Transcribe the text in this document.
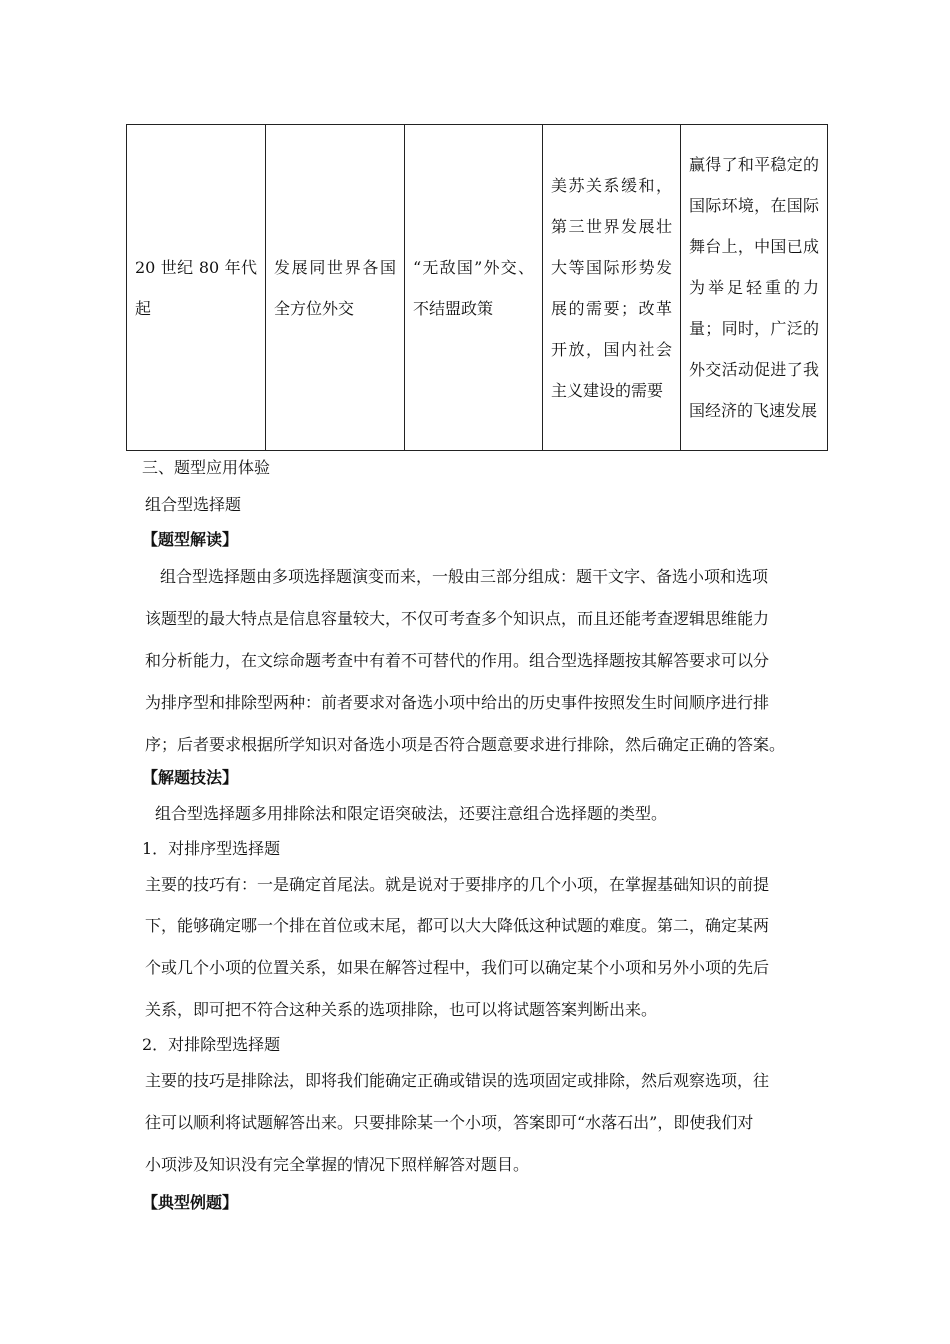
20 世纪 80 年代起	发展同世界各国全方位外交	“无敌国”外交、不结盟政策	美苏关系缓和，第三世界发展壮大等国际形势发展的需要；改革开放，国内社会主义建设的需要	赢得了和平稳定的国际环境，在国际舞台上，中国已成为举足轻重的力量；同时，广泛的外交活动促进了我国经济的飞速发展
三、题型应用体验
组合型选择题
【题型解读】
组合型选择题由多项选择题演变而来，一般由三部分组成：题干文字、备选小项和选项
该题型的最大特点是信息容量较大，不仅可考查多个知识点，而且还能考查逻辑思维能力
和分析能力，在文综命题考查中有着不可替代的作用。组合型选择题按其解答要求可以分
为排序型和排除型两种：前者要求对备选小项中给出的历史事件按照发生时间顺序进行排
序；后者要求根据所学知识对备选小项是否符合题意要求进行排除，然后确定正确的答案。
【解题技法】
组合型选择题多用排除法和限定语突破法，还要注意组合选择题的类型。
1．对排序型选择题
主要的技巧有：一是确定首尾法。就是说对于要排序的几个小项，在掌握基础知识的前提
下，能够确定哪一个排在首位或末尾，都可以大大降低这种试题的难度。第二，确定某两
个或几个小项的位置关系，如果在解答过程中，我们可以确定某个小项和另外小项的先后
关系，即可把不符合这种关系的选项排除，也可以将试题答案判断出来。
2．对排除型选择题
主要的技巧是排除法，即将我们能确定正确或错误的选项固定或排除，然后观察选项，往
往可以顺利将试题解答出来。只要排除某一个小项，答案即可“水落石出”，即使我们对
小项涉及知识没有完全掌握的情况下照样解答对题目。
【典型例题】
